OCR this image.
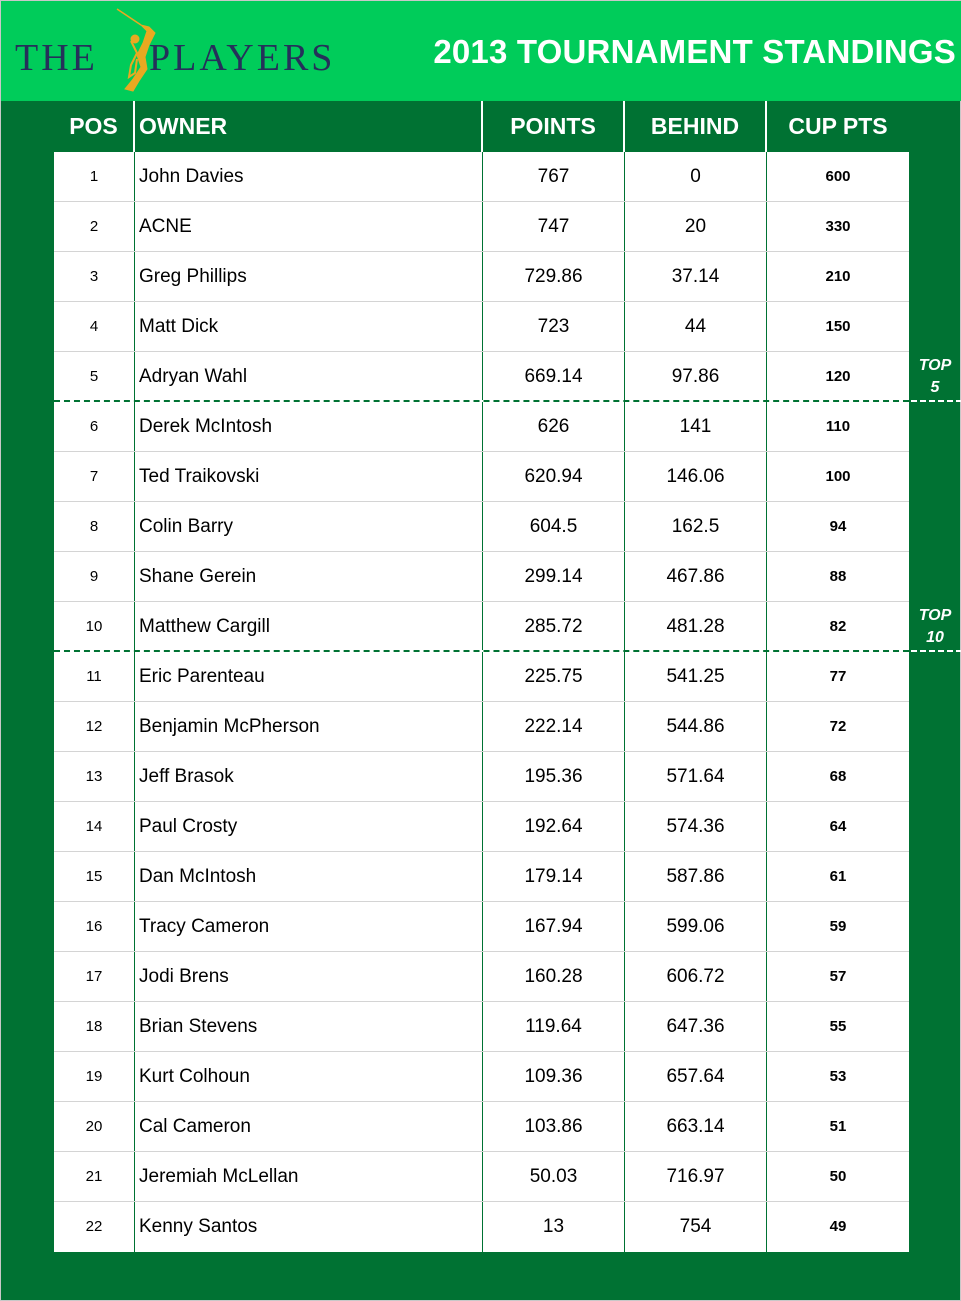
THE PLAYERS	2013 TOURNAMENT STANDINGS
POS OWNER	POINTS	BEHIND	CUP PTS
1	John Davies	767	0	600
2	ACNE	747	20	330
3	Greg Phillips	729.86	37.14	210
4	Matt Dick	723	44	150
5	Adryan Wahl	669.14	97.86	120
6	Derek McIntosh	626	141	110
7	Ted Traikovski	620.94	146.06	100
8	Colin Barry	604.5	162.5	94
9	Shane Gerein	299.14	467.86	88
10	Matthew Cargill	285.72	481.28	82
11	Eric Parenteau	225.75	541.25	77
12	Benjamin McPherson	222.14	544.86	72
13	Jeff Brasok	195.36	571.64	68
14	Paul Crosty	192.64	574.36	64
15	Dan McIntosh	179.14	587.86	61
16	Tracy Cameron	167.94	599.06	59
17	Jodi Brens	160.28	606.72	57
18	Brian Stevens	119.64	647.36	55
19	Kurt Colhoun	109.36	657.64	53
20	Cal Cameron	103.86	663.14	51
21	Jeremiah McLellan	50.03	716.97	50
22	Kenny Santos	13	754	49
TOP
5
TOP
10
